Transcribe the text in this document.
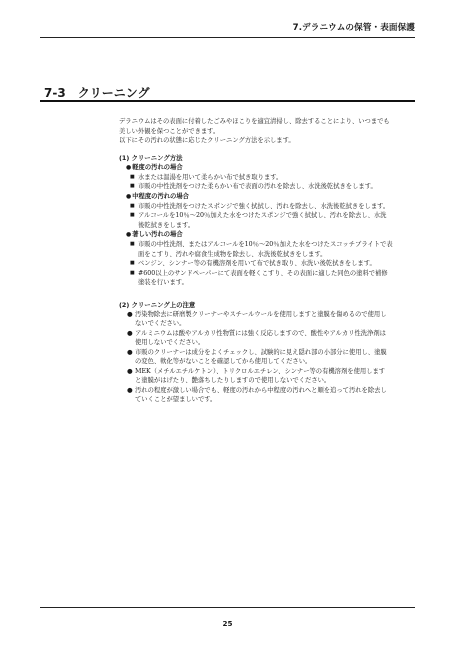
7.デラニウムの保管・表面保護
7-3 クリーニング

デラニウムはその表面に付着したごみやほこりを適宜清掃し、除去することにより、いつまでも

美しい外観を保つことができます。

以下にその汚れの状態に応じたクリーニング方法を示します。

(1) クリーニング方法
●軽度の汚れの場合
■ 水または温湯を用いて柔らかい布で拭き取ります。
■ 市販の中性洗剤をつけた柔らかい布で表面の汚れを除去し、水洗後乾拭きをします。
●中程度の汚れの場合
■ 市販の中性洗剤をつけたスポンジで強く拭拭し、汚れを除去し、水洗後乾拭きをします。
■ アルコールを10％〜20％加えた水をつけたスポンジで強く拭拭し、汚れを除去し、水洗
後乾拭きをします。
●著しい汚れの場合
■ 市販の中性洗剤、またはアルコールを10％〜20％加えた水をつけたスコッチブライトで表
面をこすり、汚れや腐食生成物を除去し、水洗後乾拭きをします。
■ ベンジン、シンナー等の有機溶剤を用いて布で拭き取り、水洗い後乾拭きをします。
■ #600以上のサンドペーパーにて表面を軽くこすり、その表面に適した同色の塗料で補修
塗装を行います。
(2) クリーニング上の注意
● 汚染物除去に研磨製クリーナーやスチールウールを使用しますと塗膜を傷めるので使用し
ないでください。
● アルミニウムは酸やアルカリ性物質には強く反応しますので、酸性やアルカリ性洗浄剤は
使用しないでください。
● 市販のクリーナーは成分をよくチェックし、試験的に見え隠れ部の小部分に使用し、塗膜
の変色、軟化等がないことを確認してから使用してください。
● MEK（メチルエチルケトン）、トリクロルエチレン、シンナー等の有機溶剤を使用します
と塗膜がはげたり、艶落ちしたりしますので使用しないでください。
● 汚れの程度が激しい場合でも、軽度の汚れから中程度の汚れへと順を追って汚れを除去し
ていくことが望ましいです。
25
